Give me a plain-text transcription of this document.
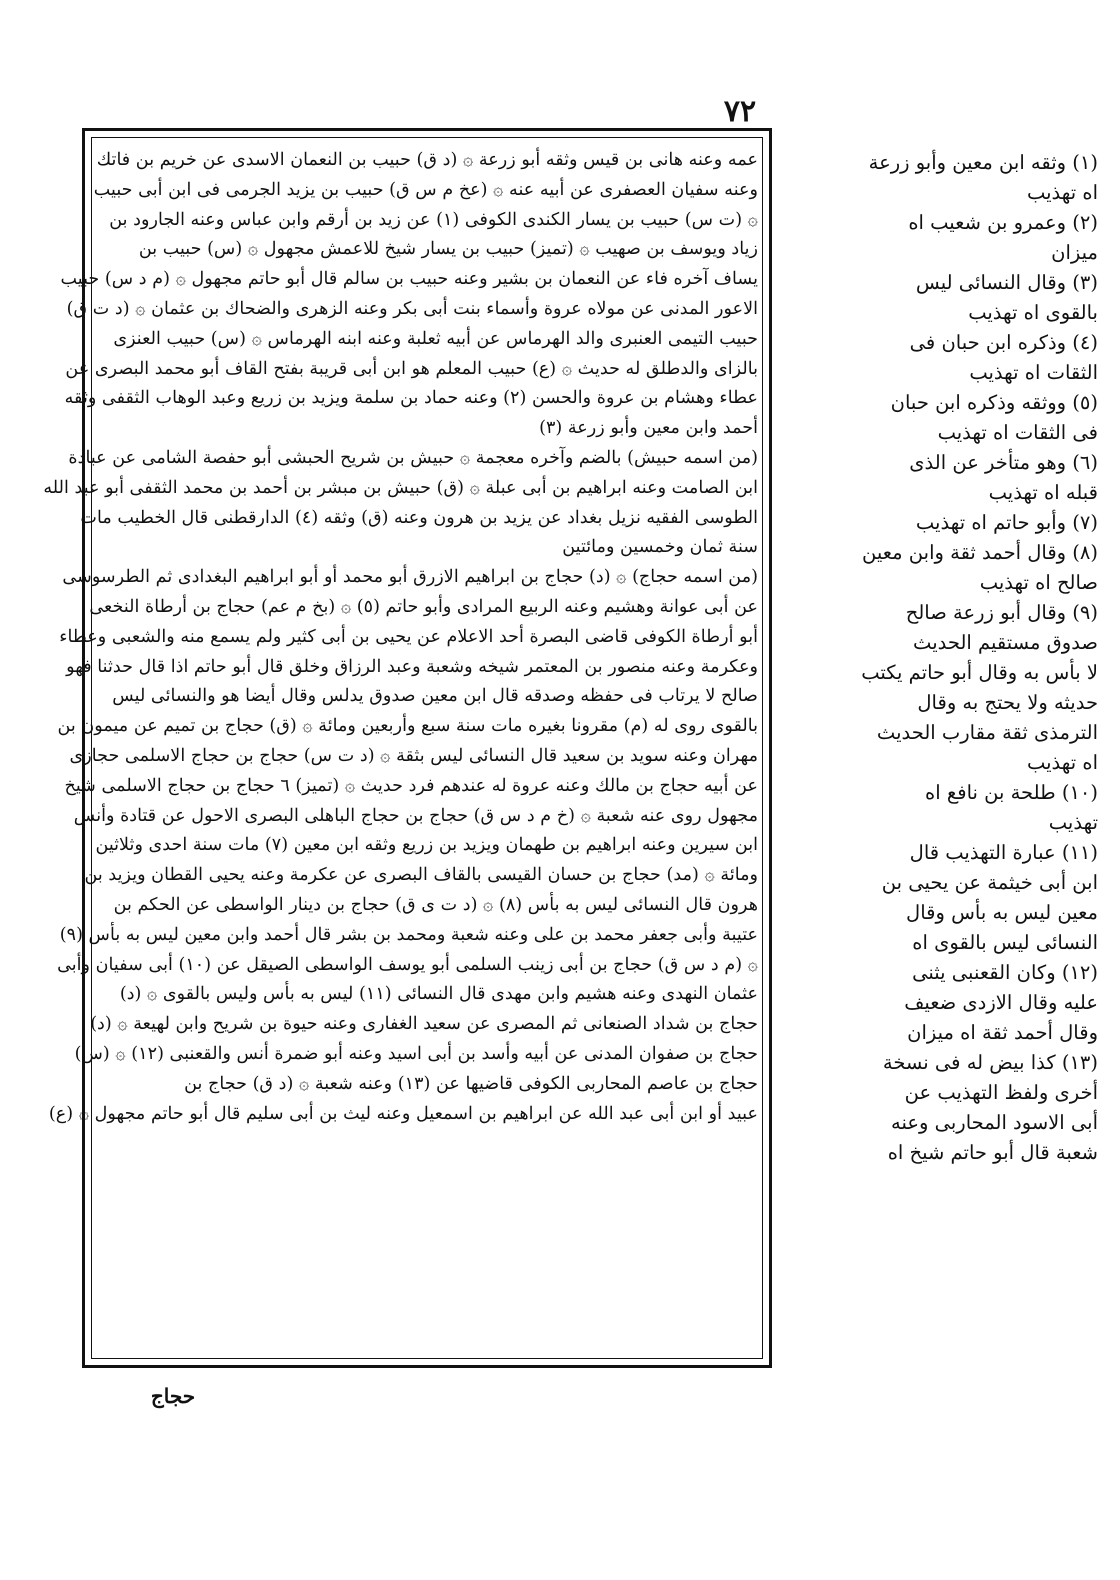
٧٢
عمه وعنه هانى بن قيس وثقه أبو زرعة ۞ (د ق) حبيب بن النعمان الاسدى عن خريم بن فاتك
وعنه سفيان العصفرى عن أبيه عنه ۞ (عخ م س ق) حبيب بن يزيد الجرمى فى ابن أبى حبيب
۞ (ت س) حبيب بن يسار الكندى الكوفى (١) عن زيد بن أرقم وابن عباس وعنه الجارود بن
زياد ويوسف بن صهيب ۞ (تميز) حبيب بن يسار شيخ للاعمش مجهول ۞ (س) حبيب بن
يساف آخره فاء عن النعمان بن بشير وعنه حبيب بن سالم قال أبو حاتم مجهول ۞ (م د س) حبيب
الاعور المدنى عن مولاه عروة وأسماء بنت أبى بكر وعنه الزهرى والضحاك بن عثمان ۞ (د ت ق)
حبيب التيمى العنبرى والد الهرماس عن أبيه ثعلبة وعنه ابنه الهرماس ۞ (س) حبيب العنزى
بالزاى والدطلق له حديث ۞ (ع) حبيب المعلم هو ابن أبى قريبة بفتح القاف أبو محمد البصرى عن
عطاء وهشام بن عروة والحسن (٢) وعنه حماد بن سلمة ويزيد بن زريع وعبد الوهاب الثقفى وثقه
أحمد وابن معين وأبو زرعة (٣)
(من اسمه حبيش) بالضم وآخره معجمة ۞ حبيش بن شريح الحبشى أبو حفصة الشامى عن عبادة
ابن الصامت وعنه ابراهيم بن أبى عبلة ۞ (ق) حبيش بن مبشر بن أحمد بن محمد الثقفى أبو عبد الله
الطوسى الفقيه نزيل بغداد عن يزيد بن هرون وعنه (ق) وثقه (٤) الدارقطنى قال الخطيب مات
سنة ثمان وخمسين ومائتين
(من اسمه حجاج) ۞ (د) حجاج بن ابراهيم الازرق أبو محمد أو أبو ابراهيم البغدادى ثم الطرسوسى
عن أبى عوانة وهشيم وعنه الربيع المرادى وأبو حاتم (٥) ۞ (بخ م عم) حجاج بن أرطاة النخعى
أبو أرطاة الكوفى قاضى البصرة أحد الاعلام عن يحيى بن أبى كثير ولم يسمع منه والشعبى وعطاء
وعكرمة وعنه منصور بن المعتمر شيخه وشعبة وعبد الرزاق وخلق قال أبو حاتم اذا قال حدثنا فهو
صالح لا يرتاب فى حفظه وصدقه قال ابن معين صدوق يدلس وقال أيضا هو والنسائى ليس
بالقوى روى له (م) مقرونا بغيره مات سنة سبع وأربعين ومائة ۞ (ق) حجاج بن تميم عن ميمون بن
مهران وعنه سويد بن سعيد قال النسائى ليس بثقة ۞ (د ت س) حجاج بن حجاج الاسلمى حجازى
عن أبيه حجاج بن مالك وعنه عروة له عندهم فرد حديث ۞ (تميز) ٦ حجاج بن حجاج الاسلمى شيخ
مجهول روى عنه شعبة ۞ (خ م د س ق) حجاج بن حجاج الباهلى البصرى الاحول عن قتادة وأنس
ابن سيرين وعنه ابراهيم بن طهمان ويزيد بن زريع وثقه ابن معين (٧) مات سنة احدى وثلاثين
ومائة ۞ (مد) حجاج بن حسان القيسى بالقاف البصرى عن عكرمة وعنه يحيى القطان ويزيد بن
هرون قال النسائى ليس به بأس (٨) ۞ (د ت ى ق) حجاج بن دينار الواسطى عن الحكم بن
عتيبة وأبى جعفر محمد بن على وعنه شعبة ومحمد بن بشر قال أحمد وابن معين ليس به بأس (٩)
۞ (م د س ق) حجاج بن أبى زينب السلمى أبو يوسف الواسطى الصيقل عن (١٠) أبى سفيان وأبى
عثمان النهدى وعنه هشيم وابن مهدى قال النسائى (١١) ليس به بأس وليس بالقوى ۞ (د)
حجاج بن شداد الصنعانى ثم المصرى عن سعيد الغفارى وعنه حيوة بن شريح وابن لهيعة ۞ (د)
حجاج بن صفوان المدنى عن أبيه وأسد بن أبى اسيد وعنه أبو ضمرة أنس والقعنبى (١٢) ۞ (س)
حجاج بن عاصم المحاربى الكوفى قاضيها عن (١٣) وعنه شعبة ۞ (د ق) حجاج بن
عبيد أو ابن أبى عبد الله عن ابراهيم بن اسمعيل وعنه ليث بن أبى سليم قال أبو حاتم مجهول ۞ (ع)
(١) وثقه ابن معين وأبو زرعة
اه تهذيب
(٢) وعمرو بن شعيب اه
ميزان
(٣) وقال النسائى ليس
بالقوى اه تهذيب
(٤) وذكره ابن حبان فى
الثقات اه تهذيب
(٥) ووثقه وذكره ابن حبان
فى الثقات اه تهذيب
(٦) وهو متأخر عن الذى
قبله اه تهذيب
(٧) وأبو حاتم اه تهذيب
(٨) وقال أحمد ثقة وابن معين
صالح اه تهذيب
(٩) وقال أبو زرعة صالح
صدوق مستقيم الحديث
لا بأس به وقال أبو حاتم يكتب
حديثه ولا يحتج به وقال
الترمذى ثقة مقارب الحديث
اه تهذيب
(١٠) طلحة بن نافع اه
تهذيب
(١١) عبارة التهذيب قال
ابن أبى خيثمة عن يحيى بن
معين ليس به بأس وقال
النسائى ليس بالقوى اه
(١٢) وكان القعنبى يثنى
عليه وقال الازدى ضعيف
وقال أحمد ثقة اه ميزان
(١٣) كذا بيض له فى نسخة
أخرى ولفظ التهذيب عن
أبى الاسود المحاربى وعنه
شعبة قال أبو حاتم شيخ اه
حجاج
